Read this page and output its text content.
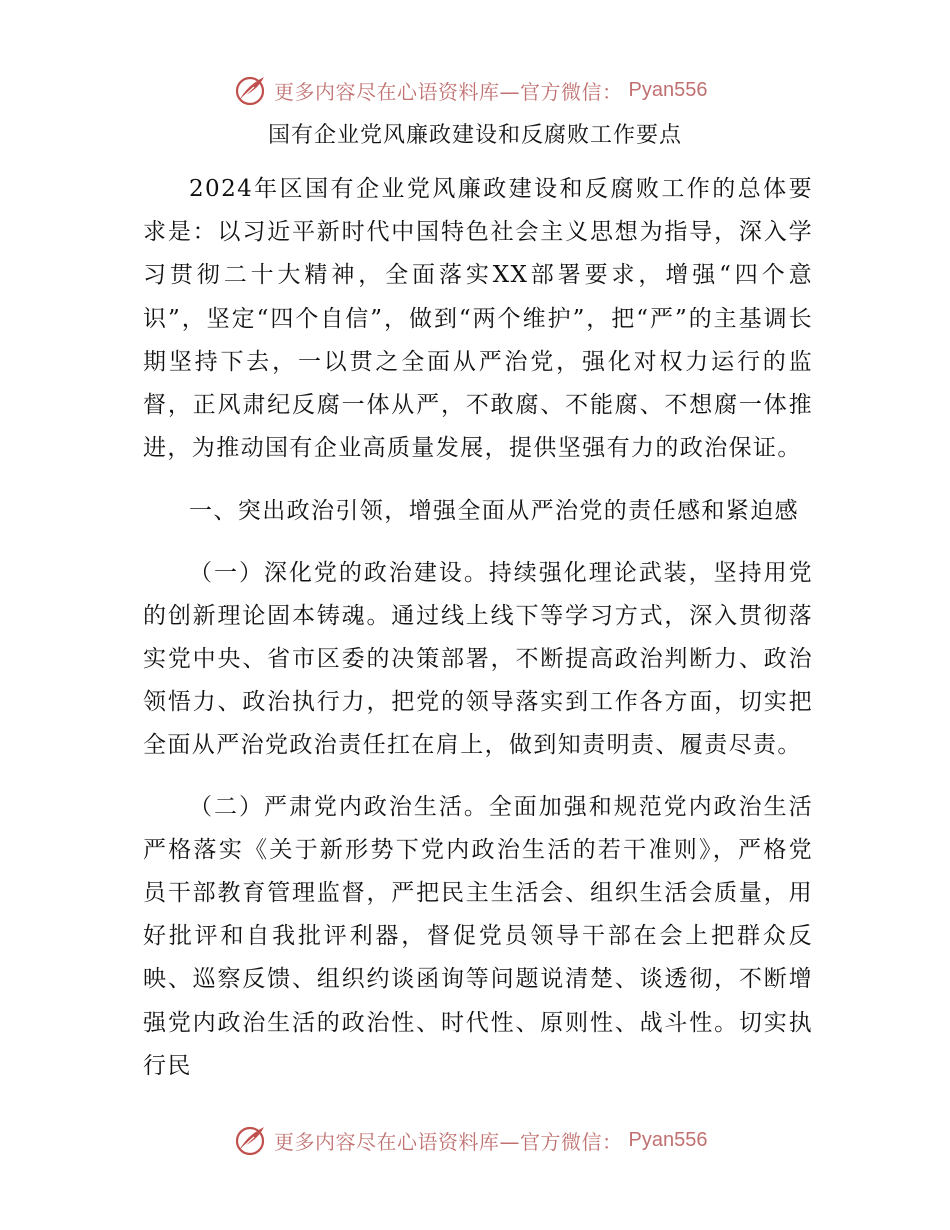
更多内容尽在心语资料库—官方微信： Pyan556
国有企业党风廉政建设和反腐败工作要点

2024年区国有企业党风廉政建设和反腐败工作的总体要求是：以习近平新时代中国特色社会主义思想为指导，深入学习贯彻二十大精神，全面落实XX部署要求，增强“四个意识”，坚定“四个自信”，做到“两个维护”，把“严”的主基调长期坚持下去，一以贯之全面从严治党，强化对权力运行的监督，正风肃纪反腐一体从严，不敢腐、不能腐、不想腐一体推进，为推动国有企业高质量发展，提供坚强有力的政治保证。

一、突出政治引领，增强全面从严治党的责任感和紧迫感

（一）深化党的政治建设。持续强化理论武装，坚持用党的创新理论固本铸魂。通过线上线下等学习方式，深入贯彻落实党中央、省市区委的决策部署，不断提高政治判断力、政治领悟力、政治执行力，把党的领导落实到工作各方面，切实把全面从严治党政治责任扛在肩上，做到知责明责、履责尽责。

（二）严肃党内政治生活。全面加强和规范党内政治生活严格落实《关于新形势下党内政治生活的若干准则》，严格党员干部教育管理监督，严把民主生活会、组织生活会质量，用好批评和自我批评利器，督促党员领导干部在会上把群众反映、巡察反馈、组织约谈函询等问题说清楚、谈透彻，不断增强党内政治生活的政治性、时代性、原则性、战斗性。切实执行民

更多内容尽在心语资料库—官方微信： Pyan556
